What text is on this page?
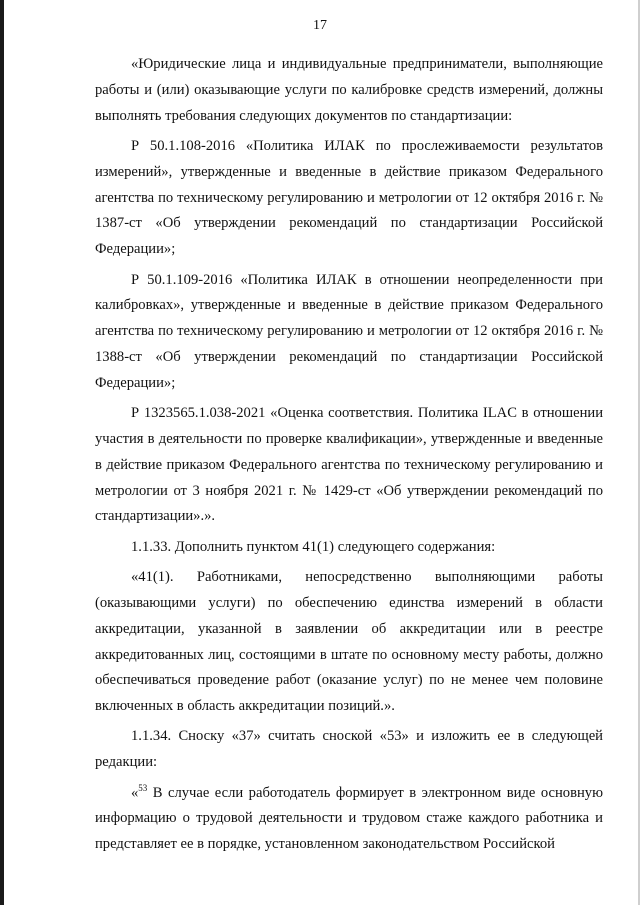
17

«Юридические лица и индивидуальные предприниматели, выполняющие работы и (или) оказывающие услуги по калибровке средств измерений, должны выполнять требования следующих документов по стандартизации:

Р 50.1.108-2016 «Политика ИЛАК по прослеживаемости результатов измерений», утвержденные и введенные в действие приказом Федерального агентства по техническому регулированию и метрологии от 12 октября 2016 г. № 1387-ст «Об утверждении рекомендаций по стандартизации Российской Федерации»;

Р 50.1.109-2016 «Политика ИЛАК в отношении неопределенности при калибровках», утвержденные и введенные в действие приказом Федерального агентства по техническому регулированию и метрологии от 12 октября 2016 г. № 1388-ст «Об утверждении рекомендаций по стандартизации Российской Федерации»;

Р 1323565.1.038-2021 «Оценка соответствия. Политика ILAC в отношении участия в деятельности по проверке квалификации», утвержденные и введенные в действие приказом Федерального агентства по техническому регулированию и метрологии от 3 ноября 2021 г. № 1429-ст «Об утверждении рекомендаций по стандартизации».».

1.1.33. Дополнить пунктом 41(1) следующего содержания:

«41(1). Работниками, непосредственно выполняющими работы (оказывающими услуги) по обеспечению единства измерений в области аккредитации, указанной в заявлении об аккредитации или в реестре аккредитованных лиц, состоящими в штате по основному месту работы, должно обеспечиваться проведение работ (оказание услуг) по не менее чем половине включенных в область аккредитации позиций.».

1.1.34. Сноску «37» считать сноской «53» и изложить ее в следующей редакции:

«$^{53}$ В случае если работодатель формирует в электронном виде основную информацию о трудовой деятельности и трудовом стаже каждого работника и представляет ее в порядке, установленном законодательством Российской
